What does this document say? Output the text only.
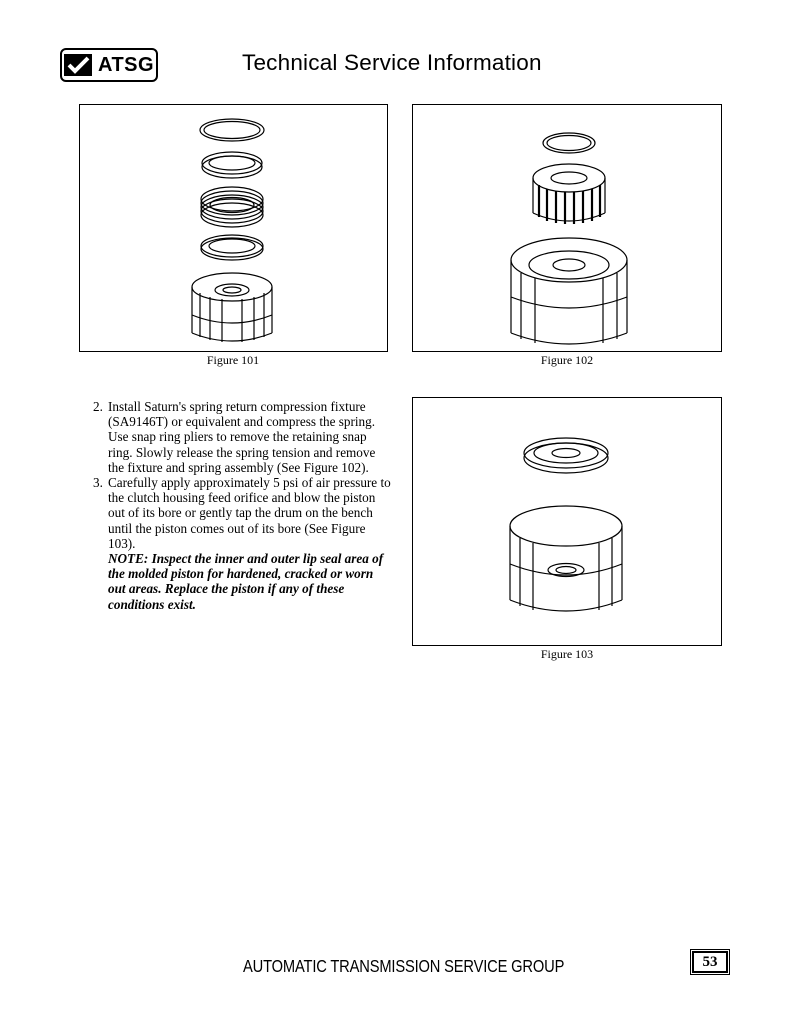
ATSG	Technical Service Information
Figure 101	Figure 102
Figure 103
2. Install Saturn's spring return compression fixture (SA9146T) or equivalent and compress the spring. Use snap ring pliers to remove the retaining snap ring. Slowly release the spring tension and remove the fixture and spring assembly (See Figure 102).
3. Carefully apply approximately 5 psi of air pressure to the clutch housing feed orifice and blow the piston out of its bore or gently tap the drum on the bench until the piston comes out of its bore (See Figure 103).
NOTE: Inspect the inner and outer lip seal area of the molded piston for hardened, cracked or worn out areas. Replace the piston if any of these conditions exist.
AUTOMATIC TRANSMISSION SERVICE GROUP	53
